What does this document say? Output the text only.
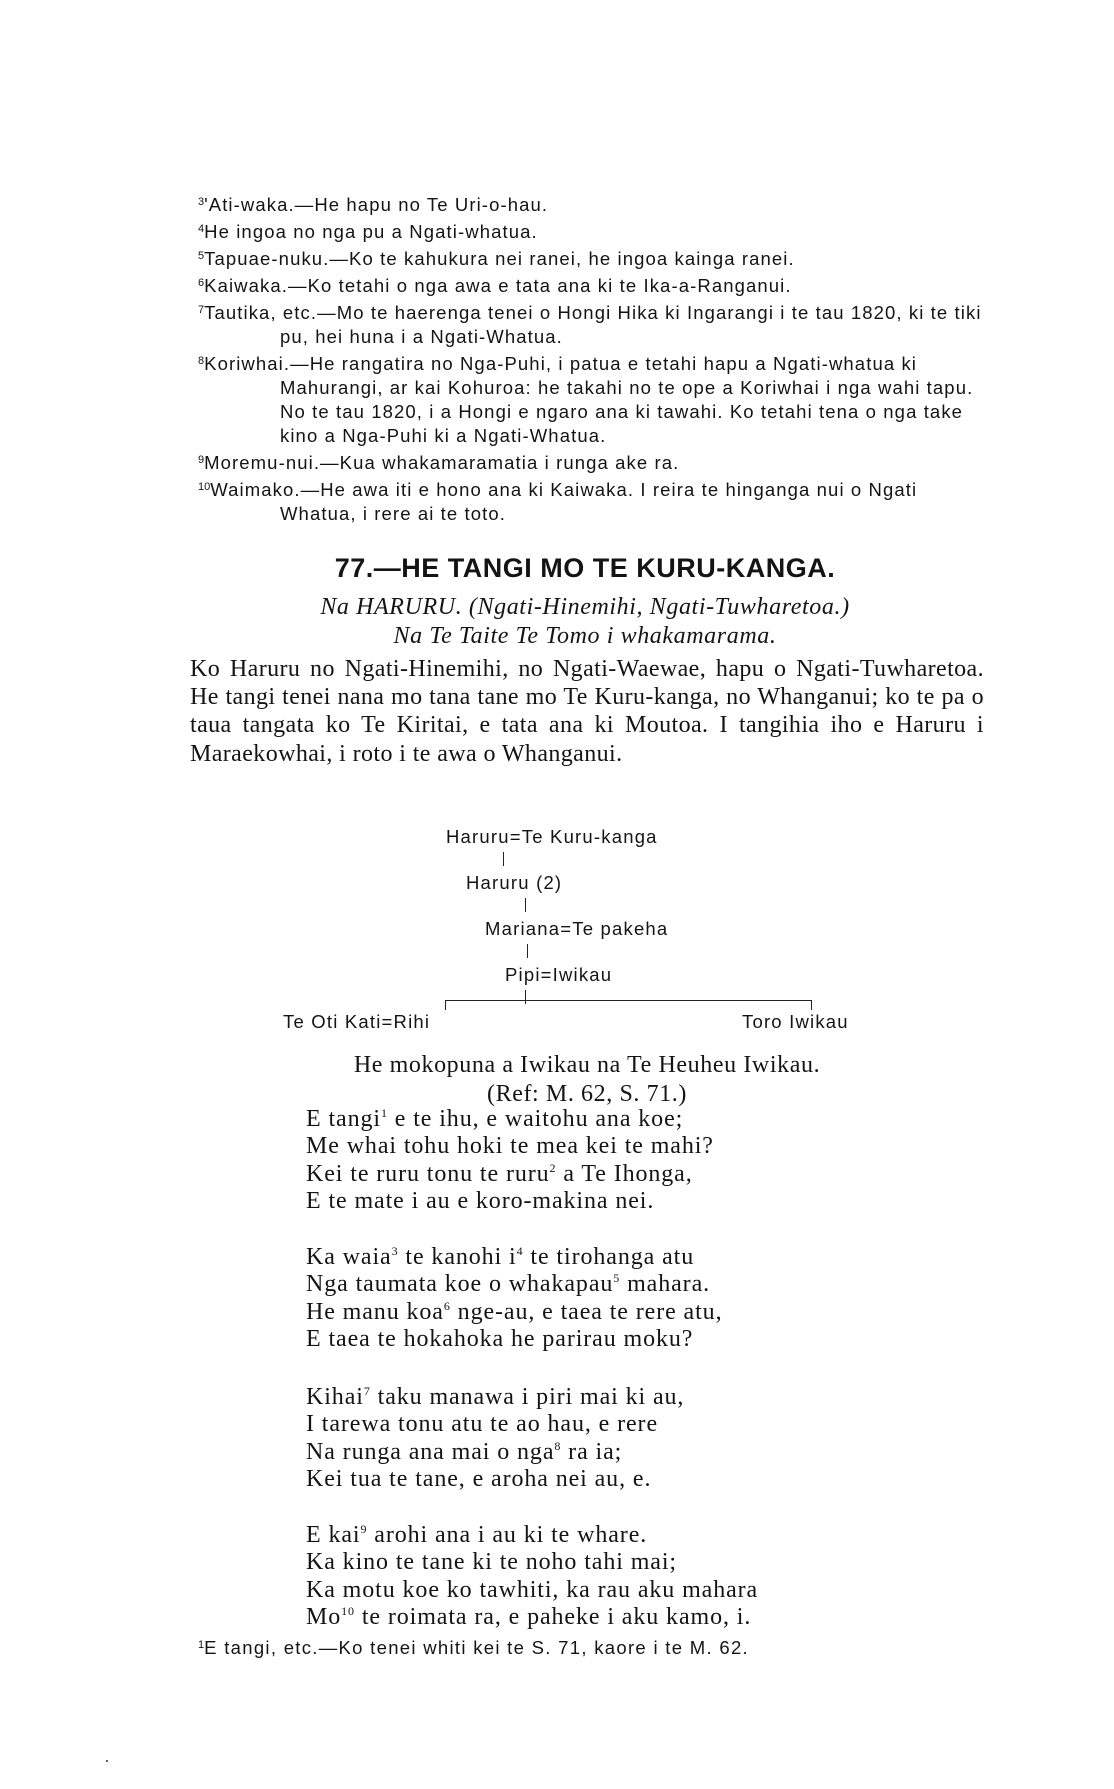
$^3$'Ati-waka.—He hapu no Te Uri-o-hau.

$^4$He ingoa no nga pu a Ngati-whatua.

$^5$Tapuae-nuku.—Ko te kahukura nei ranei, he ingoa kainga ranei.

$^6$Kaiwaka.—Ko tetahi o nga awa e tata ana ki te Ika-a-Ranganui.

$^7$Tautika, etc.—Mo te haerenga tenei o Hongi Hika ki Ingarangi i te tau 1820, ki te tiki pu, hei huna i a Ngati-Whatua.

$^8$Koriwhai.—He rangatira no Nga-Puhi, i patua e tetahi hapu a Ngati-whatua ki Mahurangi, ar kai Kohuroa: he takahi no te ope a Koriwhai i nga wahi tapu. No te tau 1820, i a Hongi e ngaro ana ki tawahi. Ko tetahi tena o nga take kino a Nga-Puhi ki a Ngati-Whatua.

$^9$Moremu-nui.—Kua whakamaramatia i runga ake ra.

$^{10}$Waimako.—He awa iti e hono ana ki Kaiwaka. I reira te hinganga nui o Ngati Whatua, i rere ai te toto.

77.—HE TANGI MO TE KURU-KANGA.
Na HARURU. (Ngati-Hinemihi, Ngati-Tuwharetoa.)
Na Te Taite Te Tomo i whakamarama.

Ko Haruru no Ngati-Hinemihi, no Ngati-Waewae, hapu o Ngati-Tuwharetoa. He tangi tenei nana mo tana tane mo Te Kuru-kanga, no Whanganui; ko te pa o taua tangata ko Te Kiritai, e tata ana ki Moutoa. I tangihia iho e Haruru i Maraekowhai, i roto i te awa o Whanganui.

Haruru=Te Kuru-kanga
Haruru (2)
Mariana=Te pakeha
Pipi=Iwikau
Te Oti Kati=Rihi	Toro Iwikau
He mokopuna a Iwikau na Te Heuheu Iwikau.
(Ref: M. 62, S. 71.)

E tangi$^1$ e te ihu, e waitohu ana koe;

Me whai tohu hoki te mea kei te mahi?

Kei te ruru tonu te ruru$^2$ a Te Ihonga,

E te mate i au e koro-makina nei.

Ka waia$^3$ te kanohi $i^4$ te tirohanga atu

Nga taumata koe o whakapau$^5$ mahara.

He manu koa$^6$ nge-au, e taea te rere atu,

E taea te hokahoka he parirau moku?

Kihai$^7$ taku manawa i piri mai ki au,

I tarewa tonu atu te ao hau, e rere

Na runga ana mai o nga$^8$ ra ia;

Kei tua te tane, e aroha nei au, e.

E kai$^9$ arohi ana i au ki te whare.

Ka kino te tane ki te noho tahi mai;

Ka motu koe ko tawhiti, ka rau aku mahara

Mo$^{10}$ te roimata ra, e paheke i aku kamo, i.

$^1$E tangi, etc.—Ko tenei whiti kei te S. 71, kaore i te M. 62.
